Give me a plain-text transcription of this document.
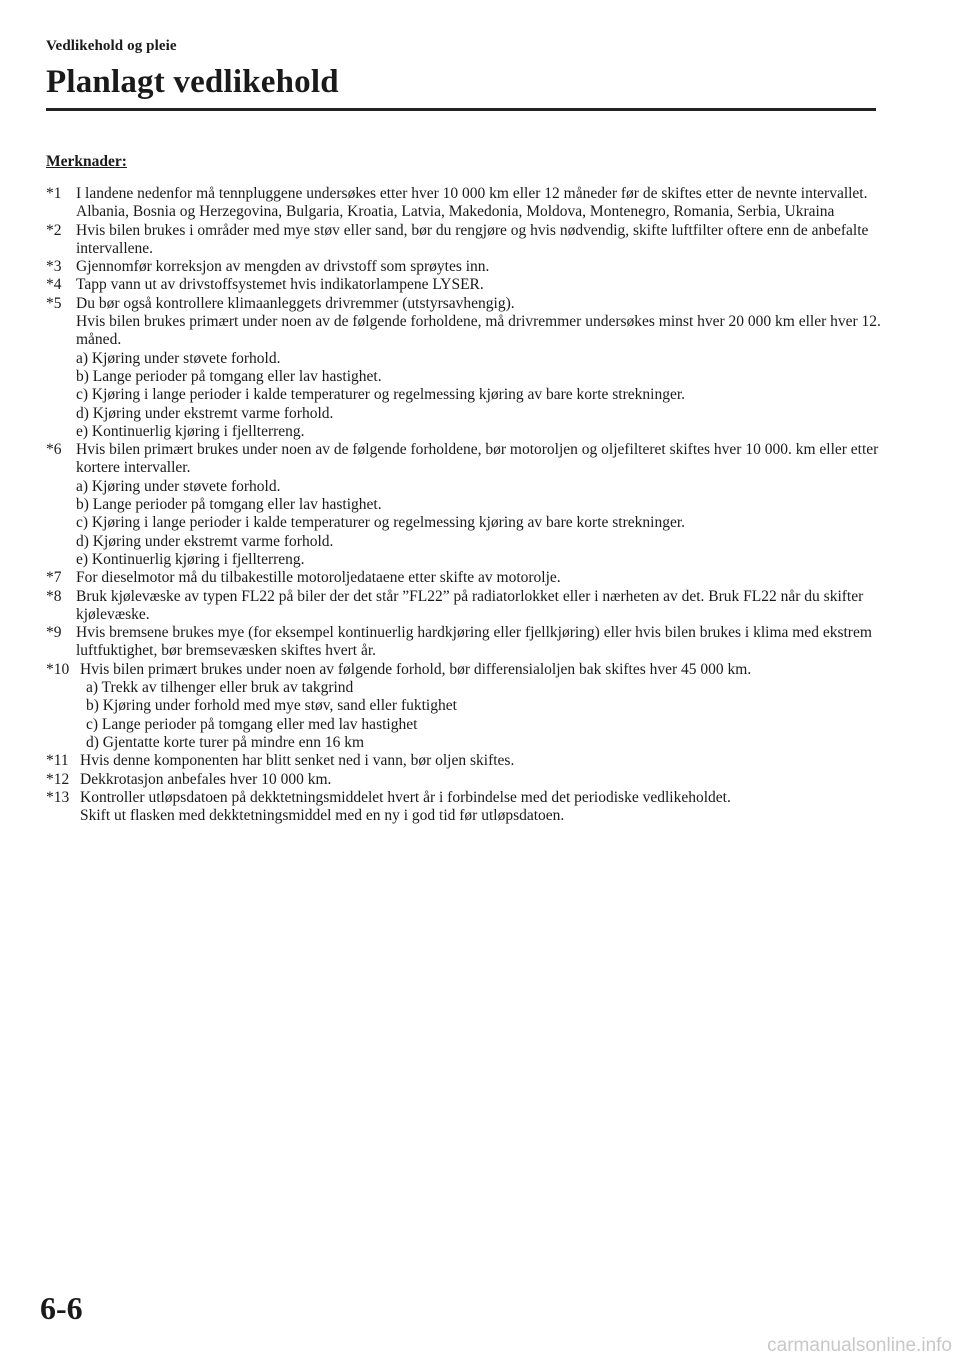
Vedlikehold og pleie
Planlagt vedlikehold
Merknader:
*1 I landene nedenfor må tennpluggene undersøkes etter hver 10 000 km eller 12 måneder før de skiftes etter de nevnte intervallet.
Albania, Bosnia og Herzegovina, Bulgaria, Kroatia, Latvia, Makedonia, Moldova, Montenegro, Romania, Serbia, Ukraina
*2 Hvis bilen brukes i områder med mye støv eller sand, bør du rengjøre og hvis nødvendig, skifte luftfilter oftere enn de anbefalte intervallene.
*3 Gjennomfør korreksjon av mengden av drivstoff som sprøytes inn.
*4 Tapp vann ut av drivstoffsystemet hvis indikatorlampene LYSER.
*5 Du bør også kontrollere klimaanleggets drivremmer (utstyrsavhengig).
Hvis bilen brukes primært under noen av de følgende forholdene, må drivremmer undersøkes minst hver 20 000 km eller hver 12. måned.
a) Kjøring under støvete forhold.
b) Lange perioder på tomgang eller lav hastighet.
c) Kjøring i lange perioder i kalde temperaturer og regelmessing kjøring av bare korte strekninger.
d) Kjøring under ekstremt varme forhold.
e) Kontinuerlig kjøring i fjellterreng.
*6 Hvis bilen primært brukes under noen av de følgende forholdene, bør motoroljen og oljefilteret skiftes hver 10 000. km eller etter kortere intervaller.
a) Kjøring under støvete forhold.
b) Lange perioder på tomgang eller lav hastighet.
c) Kjøring i lange perioder i kalde temperaturer og regelmessing kjøring av bare korte strekninger.
d) Kjøring under ekstremt varme forhold.
e) Kontinuerlig kjøring i fjellterreng.
*7 For dieselmotor må du tilbakestille motoroljedataene etter skifte av motorolje.
*8 Bruk kjølevæske av typen FL22 på biler der det står ”FL22” på radiatorlokket eller i nærheten av det. Bruk FL22 når du skifter kjølevæske.
*9 Hvis bremsene brukes mye (for eksempel kontinuerlig hardkjøring eller fjellkjøring) eller hvis bilen brukes i klima med ekstrem luftfuktighet, bør bremsevæsken skiftes hvert år.
*10 Hvis bilen primært brukes under noen av følgende forhold, bør differensialoljen bak skiftes hver 45 000 km.
a) Trekk av tilhenger eller bruk av takgrind
b) Kjøring under forhold med mye støv, sand eller fuktighet
c) Lange perioder på tomgang eller med lav hastighet
d) Gjentatte korte turer på mindre enn 16 km
*11 Hvis denne komponenten har blitt senket ned i vann, bør oljen skiftes.
*12 Dekkrotasjon anbefales hver 10 000 km.
*13 Kontroller utløpsdatoen på dekktetningsmiddelet hvert år i forbindelse med det periodiske vedlikeholdet.
Skift ut flasken med dekktetningsmiddel med en ny i god tid før utløpsdatoen.
6-6
carmanualsonline.info
